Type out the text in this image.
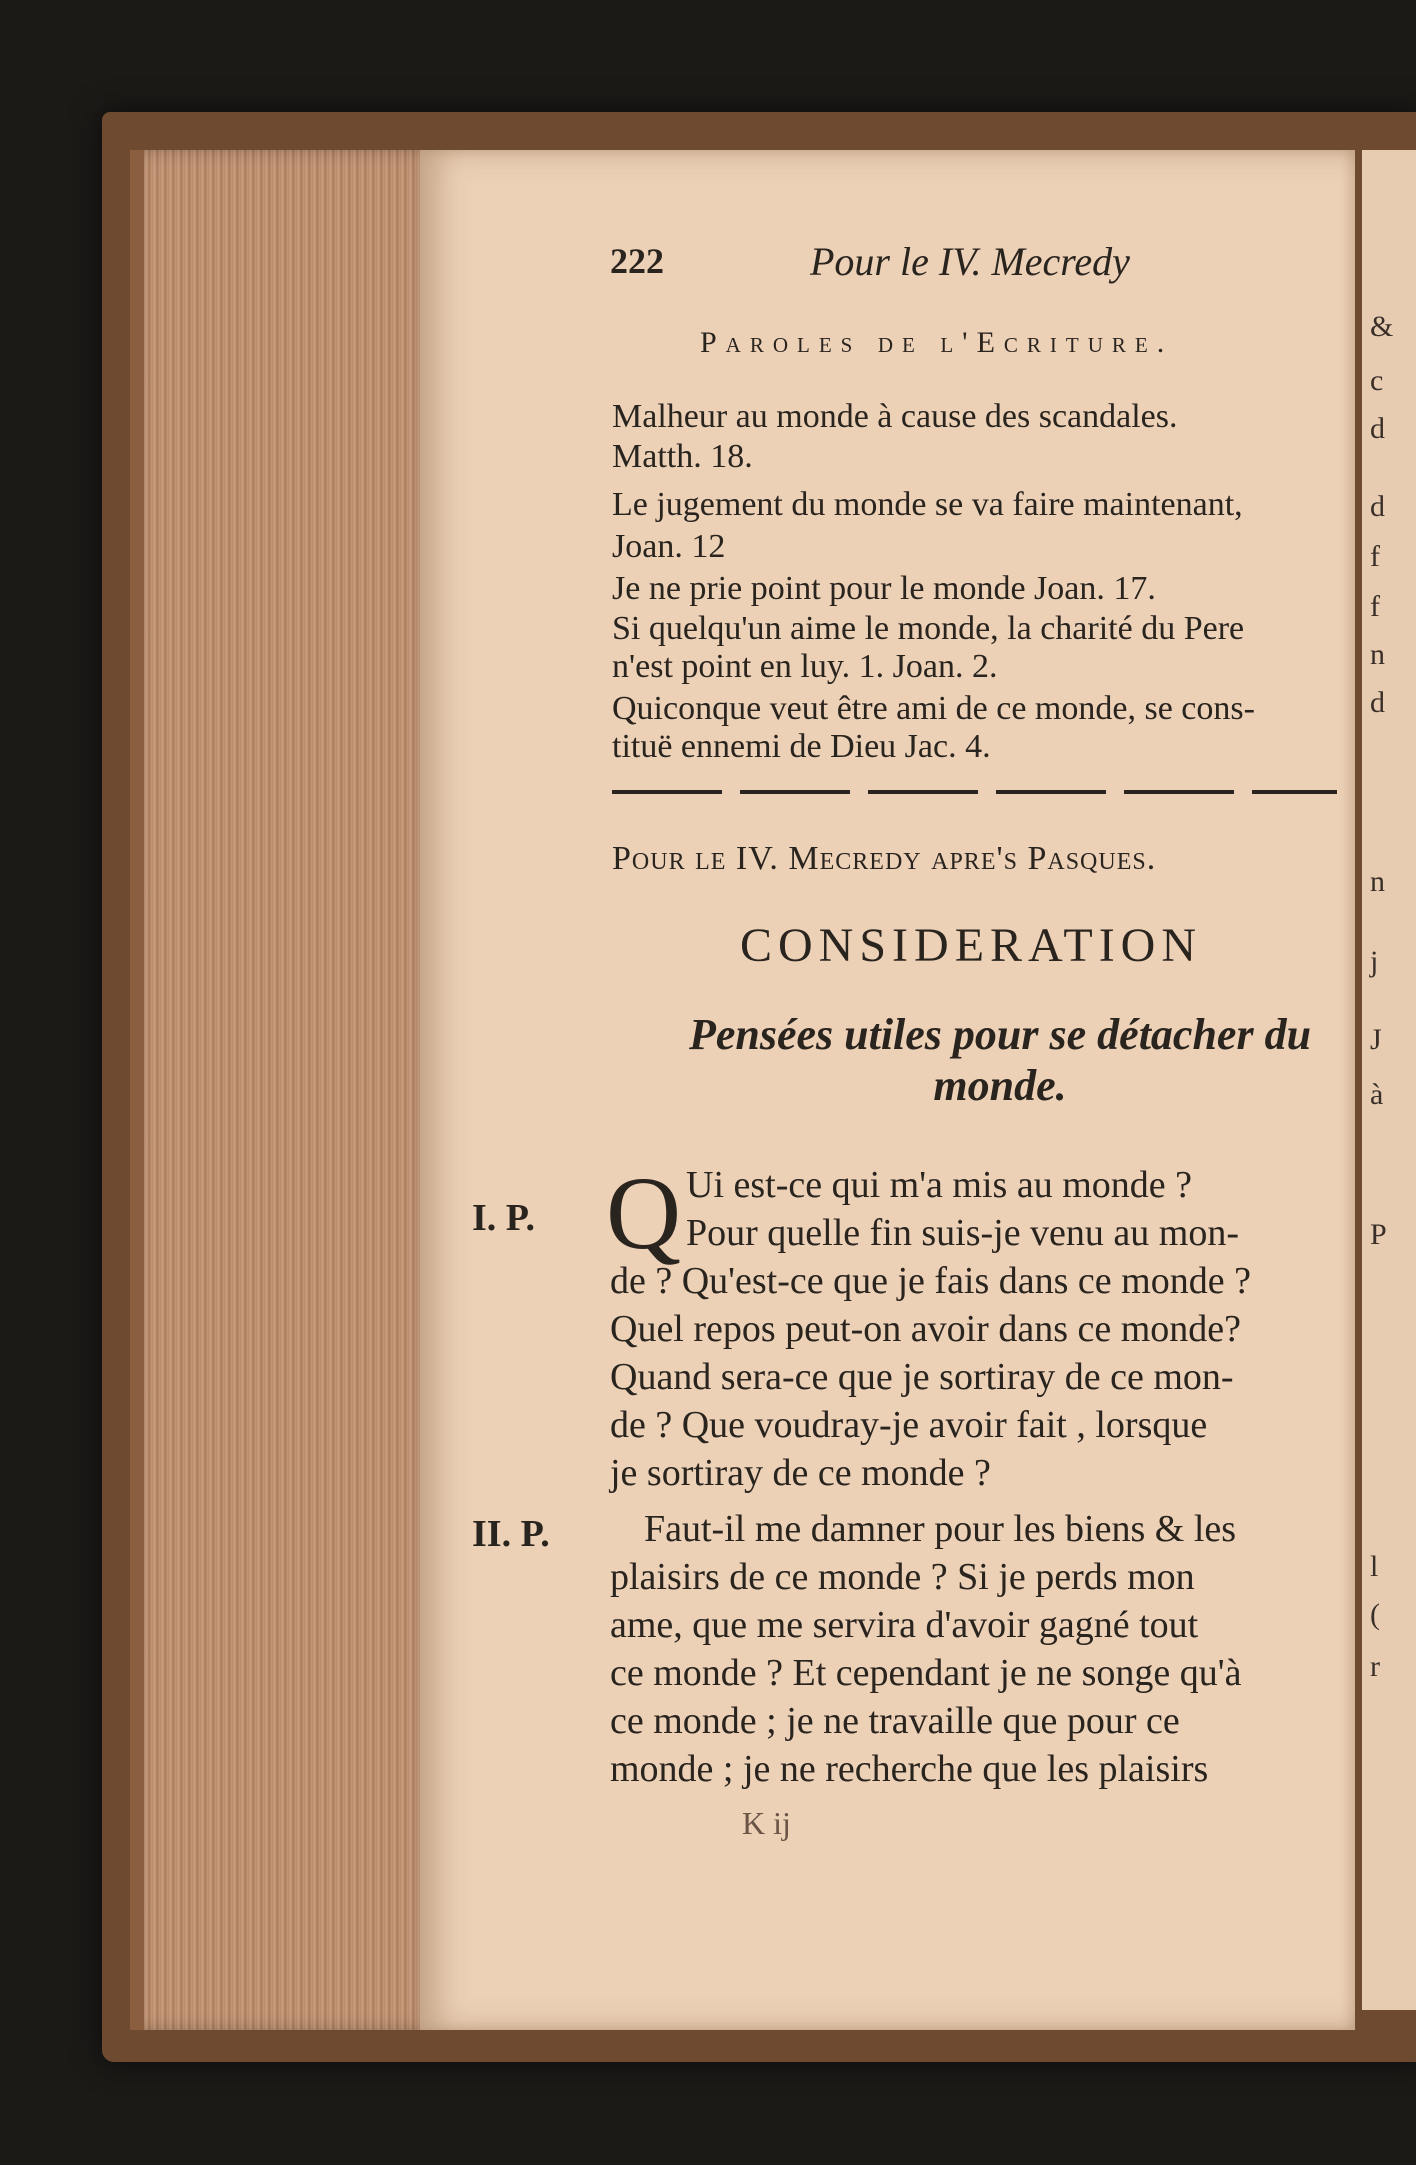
&
c
d
d
f
f
n
d
n
j
J
à
P
l
(
r
222	Pour le IV. Mecredy
Paroles de l'Ecriture.
Malheur au monde à cause des scandales.
Matth. 18.
Le jugement du monde se va faire maintenant,
Joan. 12
Je ne prie point pour le monde Joan. 17.
Si quelqu'un aime le monde, la charité du Pere
n'est point en luy. 1. Joan. 2.
Quiconque veut être ami de ce monde, se cons-
tituë ennemi de Dieu Jac. 4.
Pour le IV. Mecredy apre's Pasques.
CONSIDERATION
Pensées utiles pour se détacher du monde.
I. P. Q Ui est-ce qui m'a mis au monde ?
Pour quelle fin suis-je venu au mon-
de ? Qu'est-ce que je fais dans ce monde ?
Quel repos peut-on avoir dans ce monde?
Quand sera-ce que je sortiray de ce mon-
de ? Que voudray-je avoir fait , lorsque
je sortiray de ce monde ?
II. P. Faut-il me damner pour les biens & les
plaisirs de ce monde ? Si je perds mon
ame, que me servira d'avoir gagné tout
ce monde ? Et cependant je ne songe qu'à
ce monde ; je ne travaille que pour ce
monde ; je ne recherche que les plaisirs
K ij
